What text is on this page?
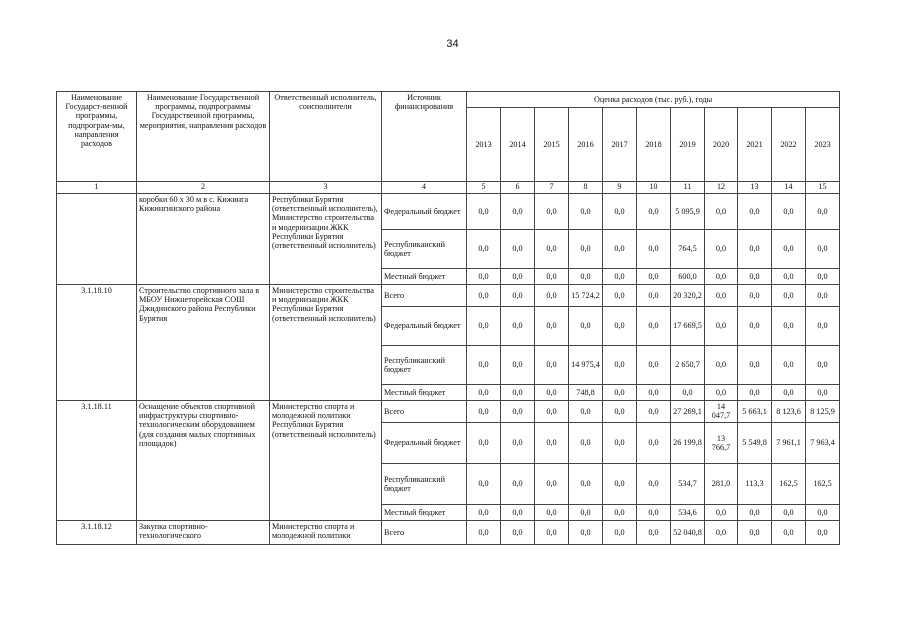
34
Наименование Государст-венной программы, подпрограм-мы, направления расходов	Наименование Государственной программы, подпрограммы Государственной программы, мероприятия, направления расходов	Ответственный исполнитель, соисполнители	Источник финансирования	Оценка расходов (тыс. руб.), годы										
				2013	2014	2015	2016	2017	2018	2019	2020	2021	2022	2023
1	2	3	4	5	6	7	8	9	10	11	12	13	14	15
	коробки 60 х 30 м в с. Кижинга Кижингинского района	Республики Бурятия (ответственный исполнитель), Министерство строительства и модернизации ЖКК Республики Бурятия (ответственный исполнитель)	Федеральный бюджет	0,0	0,0	0,0	0,0	0,0	0,0	5 095,9	0,0	0,0	0,0	0,0
			Республиканский бюджет	0,0	0,0	0,0	0,0	0,0	0,0	764,5	0,0	0,0	0,0	0,0
			Местный бюджет	0,0	0,0	0,0	0,0	0,0	0,0	600,0	0,0	0,0	0,0	0,0
3.1.18.10	Строительство спортивного зала в МБОУ Нижнеторейская СОШ Джидинского района Республики Бурятия	Министерство строительства и модернизации ЖКК Республики Бурятия (ответственный исполнитель)	Всего	0,0	0,0	0,0	15 724,2	0,0	0,0	20 320,2	0,0	0,0	0,0	0,0
			Федеральный бюджет	0,0	0,0	0,0	0,0	0,0	0,0	17 669,5	0,0	0,0	0,0	0,0
			Республиканский бюджет	0,0	0,0	0,0	14 975,4	0,0	0,0	2 650,7	0,0	0,0	0,0	0,0
			Местный бюджет	0,0	0,0	0,0	748,8	0,0	0,0	0,0	0,0	0,0	0,0	0,0
3.1.18.11	Оснащение объектов спортивной инфраструктуры спортивно- технологическим оборудованием (для создания малых спортивных площадок)	Министерство спорта и молодежной политики Республики Бурятия (ответственный исполнитель)	Всего	0,0	0,0	0,0	0,0	0,0	0,0	27 269,1	14 047,7	5 663,1	8 123,6	8 125,9
			Федеральный бюджет	0,0	0,0	0,0	0,0	0,0	0,0	26 199,8	13 766,7	5 549,8	7 961,1	7 963,4
			Республиканский бюджет	0,0	0,0	0,0	0,0	0,0	0,0	534,7	281,0	113,3	162,5	162,5
			Местный бюджет	0,0	0,0	0,0	0,0	0,0	0,0	534,6	0,0	0,0	0,0	0,0
3.1.18.12	Закупка спортивно-технологического	Министерство спорта и молодежной политики	Всего	0,0	0,0	0,0	0,0	0,0	0,0	52 040,8	0,0	0,0	0,0	0,0
